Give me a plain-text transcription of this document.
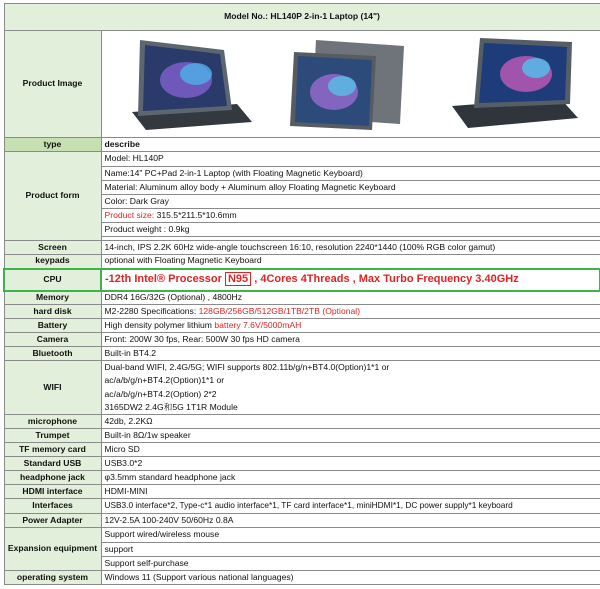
Model No.: HL140P 2-in-1 Laptop (14")	
Product Image	

type	describe
Product form	Model: HL140P
	Name:14" PC+Pad 2-in-1 Laptop (with Floating Magnetic Keyboard)
	Material: Aluminum alloy body + Aluminum alloy Floating Magnetic Keyboard
	Color: Dark Gray
	Product size: 315.5*211.5*10.6mm
	Product weight : 0.9kg

Screen	14-inch, IPS 2.2K 60Hz wide-angle touchscreen 16:10, resolution 2240*1440 (100% RGB color gamut)
keypads	optional with Floating Magnetic Keyboard
CPU	-12th Intel® Processor N95 , 4Cores 4Threads , Max Turbo Frequency 3.40GHz
Memory	DDR4 16G/32G (Optional) , 4800Hz
hard disk	M2-2280 Specifications: 128GB/256GB/512GB/1TB/2TB (Optional)
Battery	High density polymer lithium battery 7.6V/5000mAH
Camera	Front: 200W 30 fps, Rear: 500W 30 fps HD camera
Bluetooth	Built-in BT4.2
WIFI	Dual-band WIFI, 2.4G/5G; WIFI supports 802.11b/g/n+BT4.0(Option)1*1 or
ac/a/b/g/n+BT4.2(Option)1*1 or
ac/a/b/g/n+BT4.2(Option) 2*2
3165DW2 2.4G和5G 1T1R Module

microphone	42db, 2.2KΩ
Trumpet	Built-in 8Ω/1w speaker
TF memory card	Micro SD
Standard USB	USB3.0*2
headphone jack	φ3.5mm standard headphone jack
HDMI interface	HDMI-MINI
Interfaces	USB3.0 interface*2, Type-c*1 audio interface*1, TF card interface*1, miniHDMI*1, DC power supply*1 keyboard
Power Adapter	12V-2.5A 100-240V 50/60Hz 0.8A
Expansion equipment	Support wired/wireless mouse
	support
	Support self-purchase
operating system	Windows 11 (Support various national languages)
